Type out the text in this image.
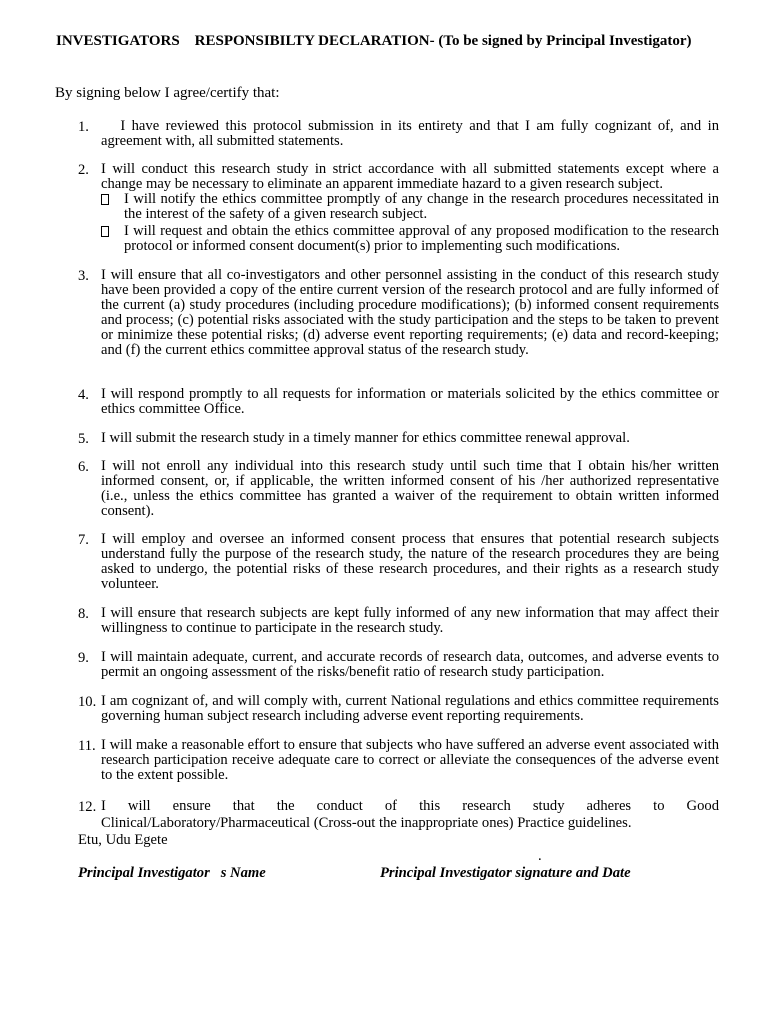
INVESTIGATORS    RESPONSIBILTY DECLARATION- (To be signed by Principal Investigator)
By signing below I agree/certify that:
1. I have reviewed this protocol submission in its entirety and that I am fully cognizant of, and in agreement with, all submitted statements.
2. I will conduct this research study in strict accordance with all submitted statements except where a change may be necessary to eliminate an apparent immediate hazard to a given research subject.
I will notify the ethics committee promptly of any change in the research procedures necessitated in the interest of the safety of a given research subject.
I will request and obtain the ethics committee approval of any proposed modification to the research protocol or informed consent document(s) prior to implementing such modifications.
3. I will ensure that all co-investigators and other personnel assisting in the conduct of this research study have been provided a copy of the entire current version of the research protocol and are fully informed of the current (a) study procedures (including procedure modifications); (b) informed consent requirements and process; (c) potential risks associated with the study participation and the steps to be taken to prevent or minimize these potential risks; (d) adverse event reporting requirements; (e) data and record-keeping; and (f) the current ethics committee approval status of the research study.
4. I will respond promptly to all requests for information or materials solicited by the ethics committee or ethics committee Office.
5. I will submit the research study in a timely manner for ethics committee renewal approval.
6. I will not enroll any individual into this research study until such time that I obtain his/her written informed consent, or, if applicable, the written informed consent of his /her authorized representative (i.e., unless the ethics committee has granted a waiver of the requirement to obtain written informed consent).
7. I will employ and oversee an informed consent process that ensures that potential research subjects understand fully the purpose of the research study, the nature of the research procedures they are being asked to undergo, the potential risks of these research procedures, and their rights as a research study volunteer.
8. I will ensure that research subjects are kept fully informed of any new information that may affect their willingness to continue to participate in the research study.
9. I will maintain adequate, current, and accurate records of research data, outcomes, and adverse events to permit an ongoing assessment of the risks/benefit ratio of research study participation.
10. I am cognizant of, and will comply with, current National regulations and ethics committee requirements governing human subject research including adverse event reporting requirements.
11. I will make a reasonable effort to ensure that subjects who have suffered an adverse event associated with research participation receive adequate care to correct or alleviate the consequences of the adverse event to the extent possible.
12. I will ensure that the conduct of this research study adheres to Good
Clinical/Laboratory/Pharmaceutical (Cross-out the inappropriate ones) Practice guidelines.
Etu, Udu Egete
.
Principal Investigator   s Name	Principal Investigator signature and Date
